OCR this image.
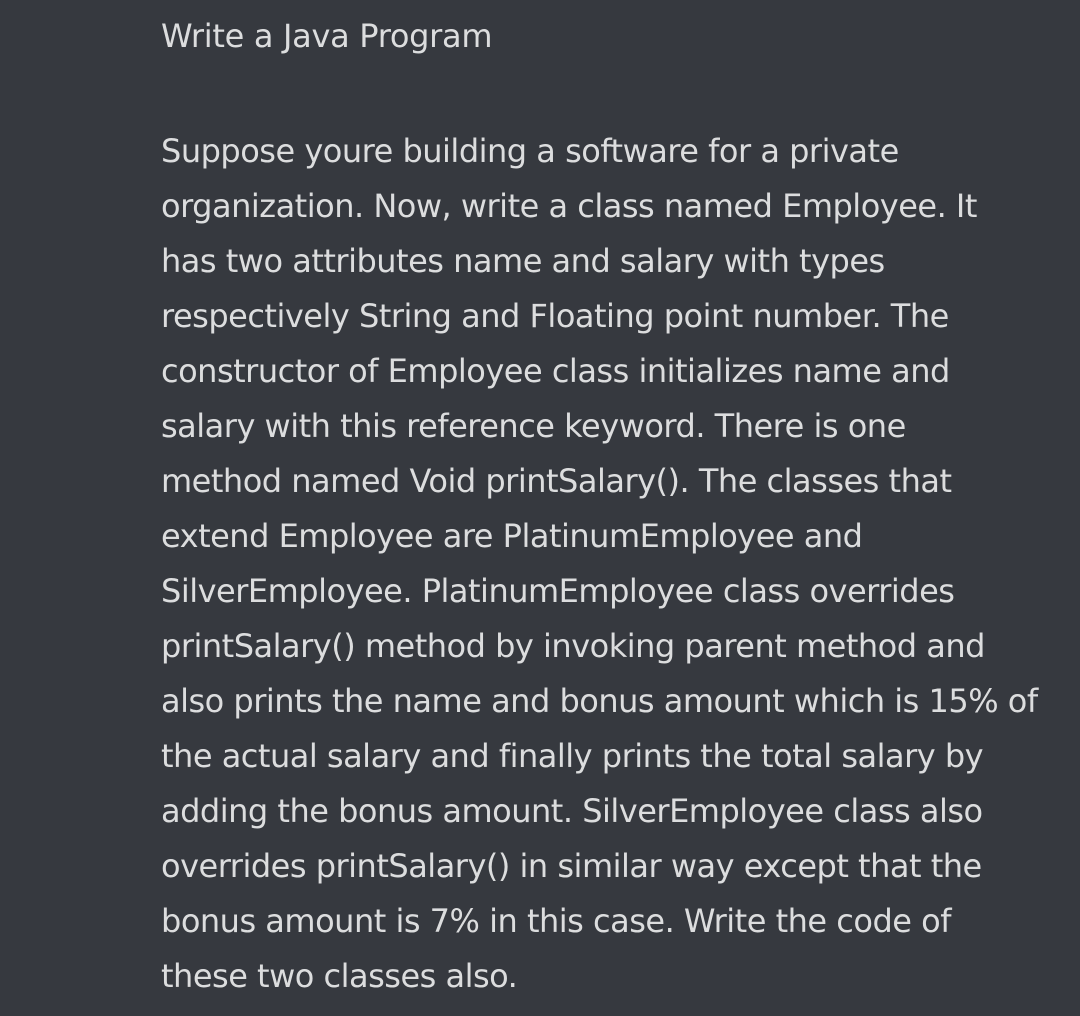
Write a Java Program

Suppose youre building a software for a private
organization. Now, write a class named Employee. It
has two attributes name and salary with types
respectively String and Floating point number. The
constructor of Employee class initializes name and
salary with this reference keyword. There is one
method named Void printSalary(). The classes that
extend Employee are PlatinumEmployee and
SilverEmployee. PlatinumEmployee class overrides
printSalary() method by invoking parent method and
also prints the name and bonus amount which is 15% of
the actual salary and finally prints the total salary by
adding the bonus amount. SilverEmployee class also
overrides printSalary() in similar way except that the
bonus amount is 7% in this case. Write the code of
these two classes also.
